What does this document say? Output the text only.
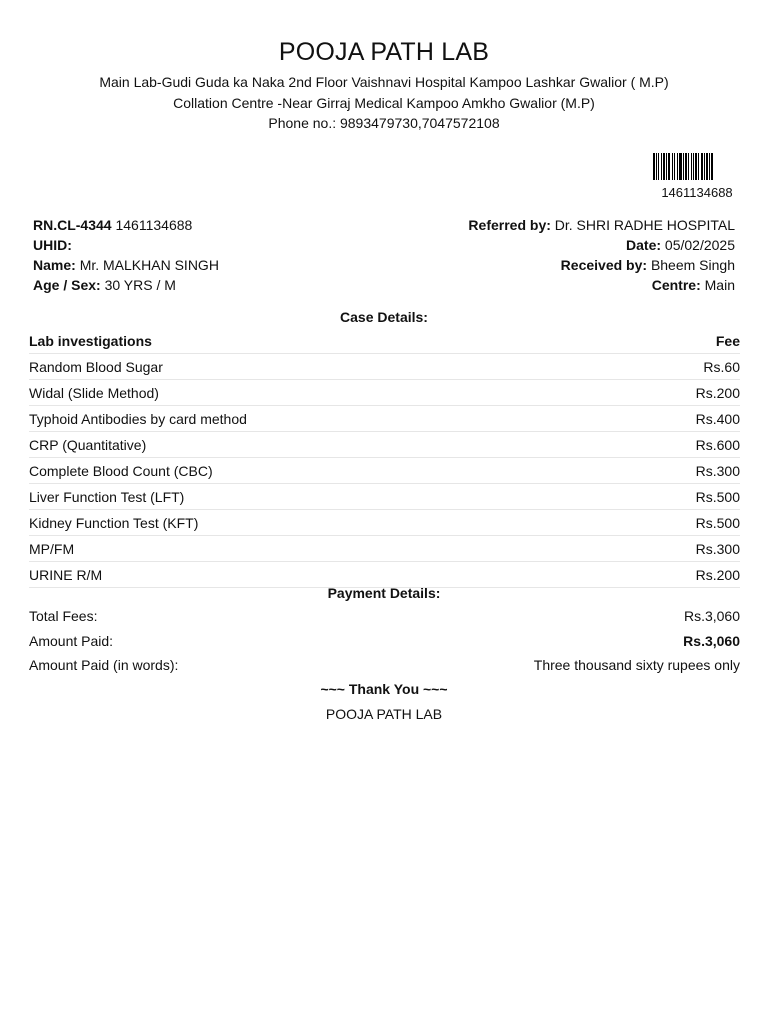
POOJA PATH LAB
Main Lab-Gudi Guda ka Naka 2nd Floor Vaishnavi Hospital Kampoo Lashkar Gwalior ( M.P)
Collation Centre -Near Girraj Medical Kampoo Amkho Gwalior (M.P)
Phone no.: 9893479730,7047572108
1461134688
RN.CL-4344 1461134688
UHID:
Name: Mr. MALKHAN SINGH
Age / Sex: 30 YRS / M
Referred by: Dr. SHRI RADHE HOSPITAL
Date: 05/02/2025
Received by: Bheem Singh
Centre: Main
Case Details:
Lab investigations	Fee
Random Blood Sugar	Rs.60
Widal (Slide Method)	Rs.200
Typhoid Antibodies by card method	Rs.400
CRP (Quantitative)	Rs.600
Complete Blood Count (CBC)	Rs.300
Liver Function Test (LFT)	Rs.500
Kidney Function Test (KFT)	Rs.500
MP/FM	Rs.300
URINE R/M	Rs.200
Payment Details:
Total Fees:	Rs.3,060
Amount Paid:	Rs.3,060
Amount Paid (in words):	Three thousand sixty rupees only
~~~ Thank You ~~~
POOJA PATH LAB
